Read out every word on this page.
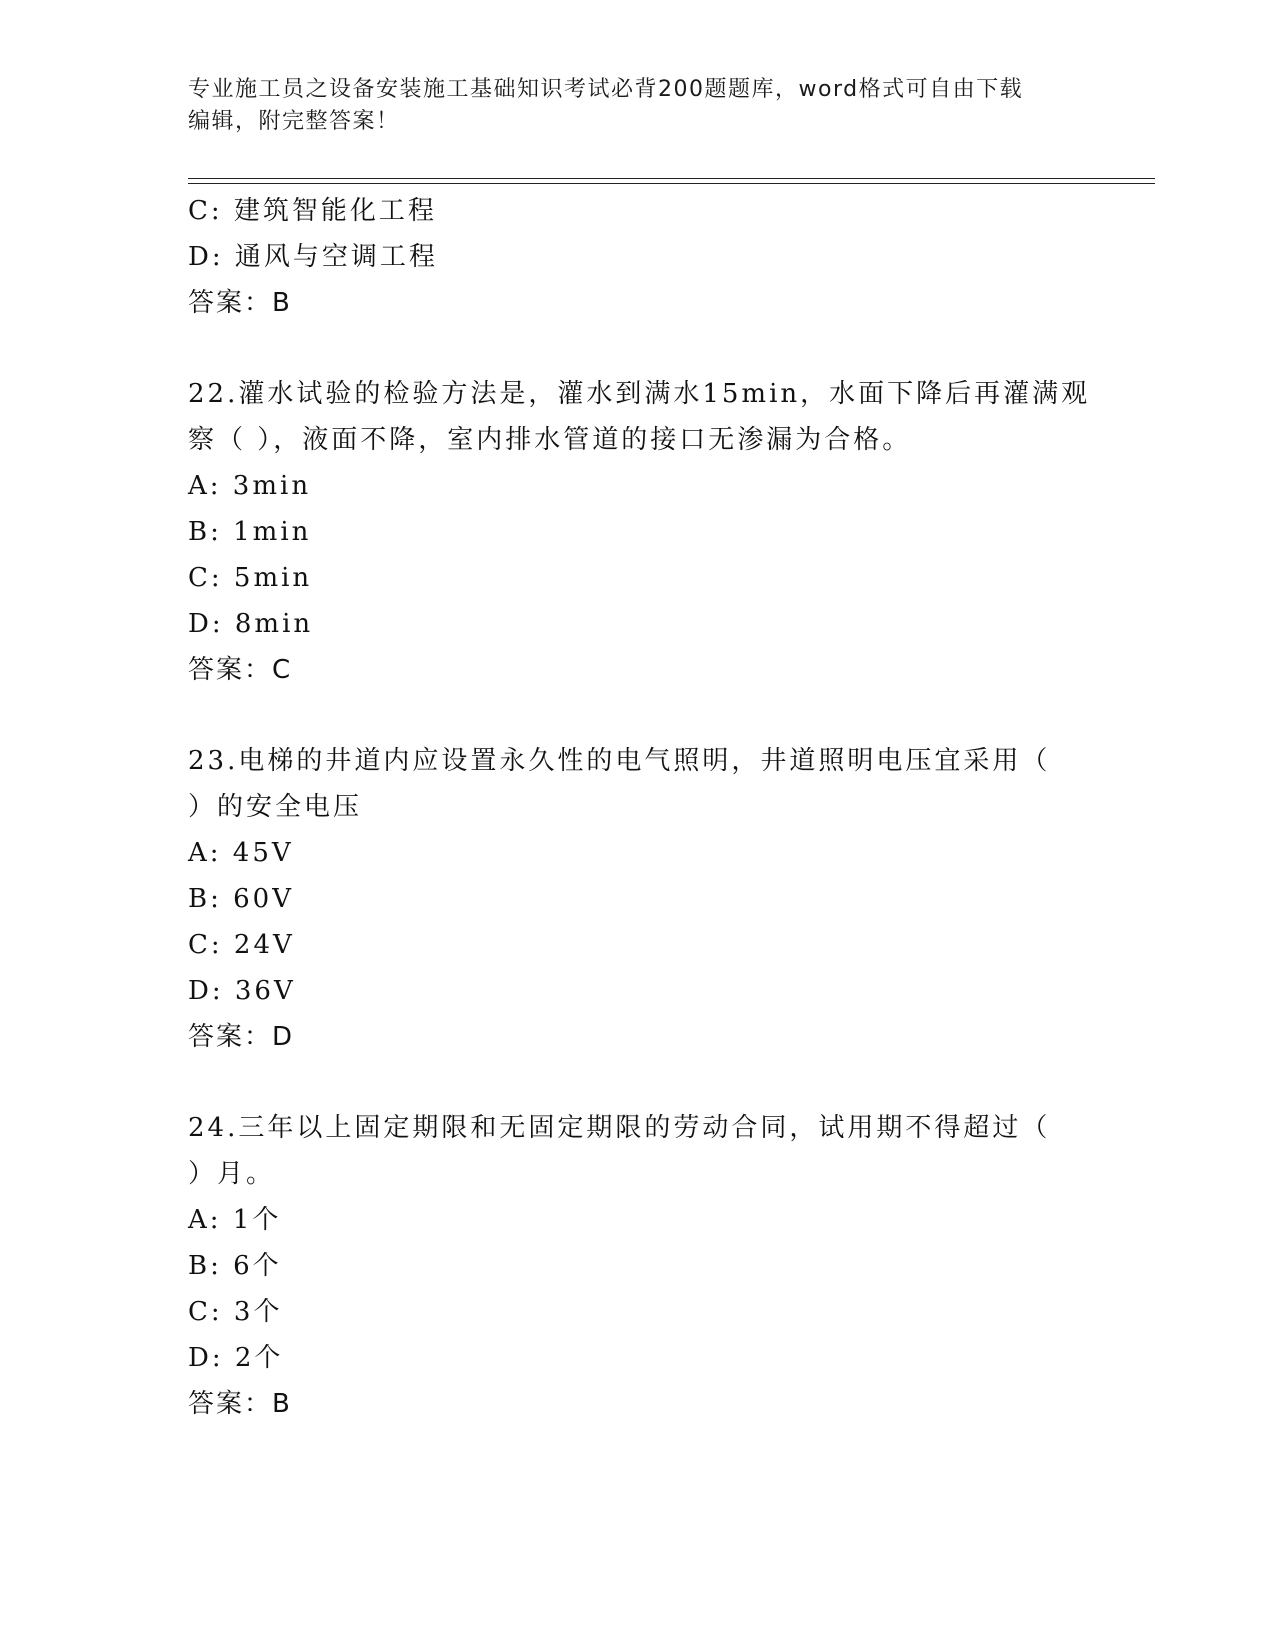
专业施工员之设备安装施工基础知识考试必背200题题库，word格式可自由下载
编辑，附完整答案！
C: 建筑智能化工程
D: 通风与空调工程
答案：B
22.灌水试验的检验方法是，灌水到满水15min，水面下降后再灌满观
察（ ），液面不降，室内排水管道的接口无渗漏为合格。
A: 3min
B: 1min
C: 5min
D: 8min
答案：C
23.电梯的井道内应设置永久性的电气照明，井道照明电压宜采用（
）的安全电压
A: 45V
B: 60V
C: 24V
D: 36V
答案：D
24.三年以上固定期限和无固定期限的劳动合同，试用期不得超过（
）月。
A: 1个
B: 6个
C: 3个
D: 2个
答案：B
